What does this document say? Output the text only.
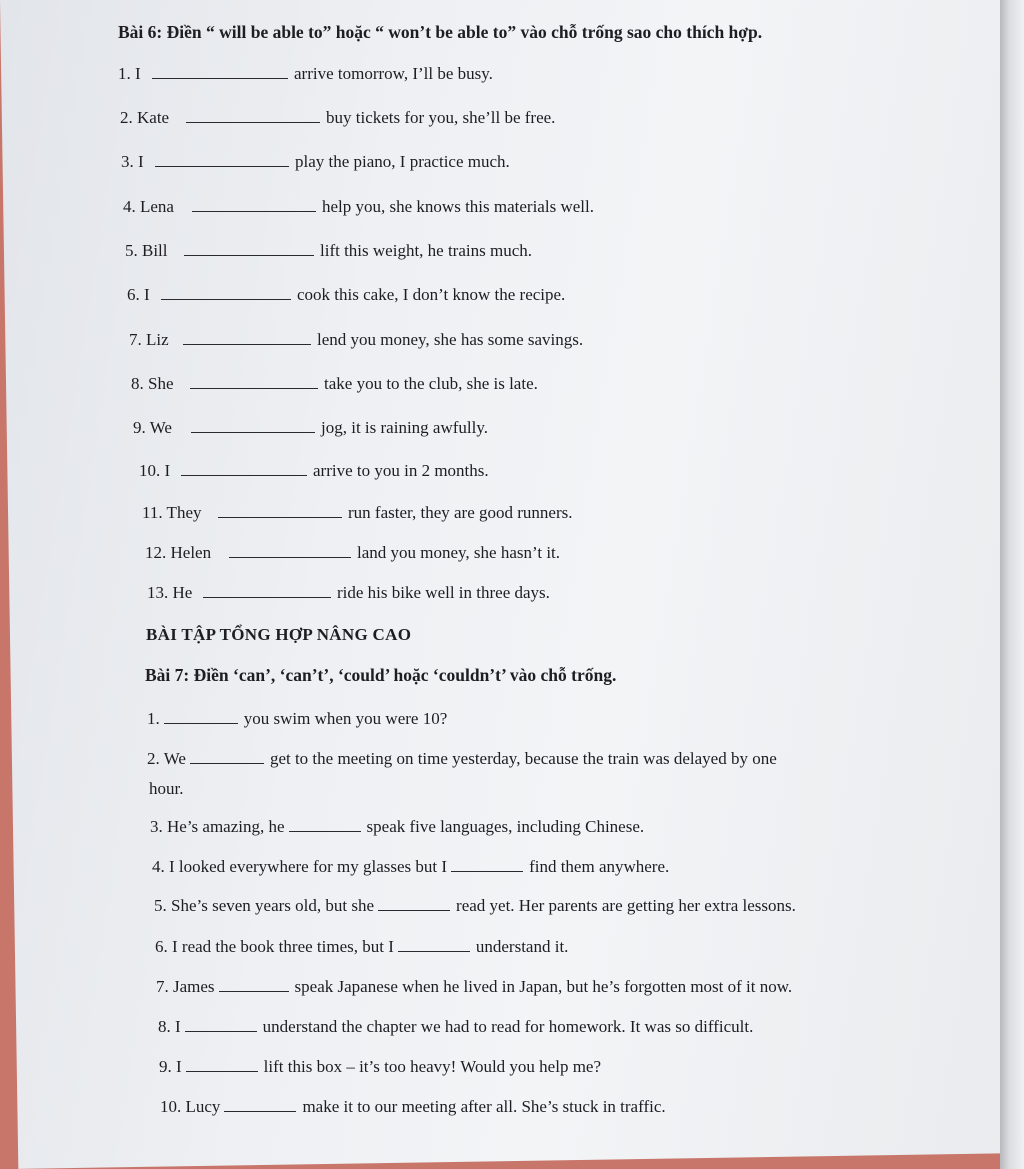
Bài 6: Điền “ will be able to” hoặc “ won’t be able to” vào chỗ trống sao cho thích hợp.
1. I	arrive tomorrow, I’ll be busy.
2. Kate	buy tickets for you, she’ll be free.
3. I	play the piano, I practice much.
4. Lena	help you, she knows this materials well.
5. Bill	lift this weight, he trains much.
6. I	cook this cake, I don’t know the recipe.
7. Liz	lend you money, she has some savings.
8. She	take you to the club, she is late.
9. We	jog, it is raining awfully.
10. I	arrive to you in 2 months.
11. They	run faster, they are good runners.
12. Helen	land you money, she hasn’t it.
13. He	ride his bike well in three days.
BÀI TẬP TỔNG HỢP NÂNG CAO
Bài 7: Điền ‘can’, ‘can’t’, ‘could’ hoặc ‘couldn’t’ vào chỗ trống.
1.	you swim when you were 10?
2. We	get to the meeting on time yesterday, because the train was delayed by one
hour.
3. He’s amazing, he	speak five languages, including Chinese.
4. I looked everywhere for my glasses but I	find them anywhere.
5. She’s seven years old, but she	read yet. Her parents are getting her extra lessons.
6. I read the book three times, but I	understand it.
7. James	speak Japanese when he lived in Japan, but he’s forgotten most of it now.
8. I	understand the chapter we had to read for homework. It was so difficult.
9. I	lift this box – it’s too heavy! Would you help me?
10. Lucy	make it to our meeting after all. She’s stuck in traffic.
